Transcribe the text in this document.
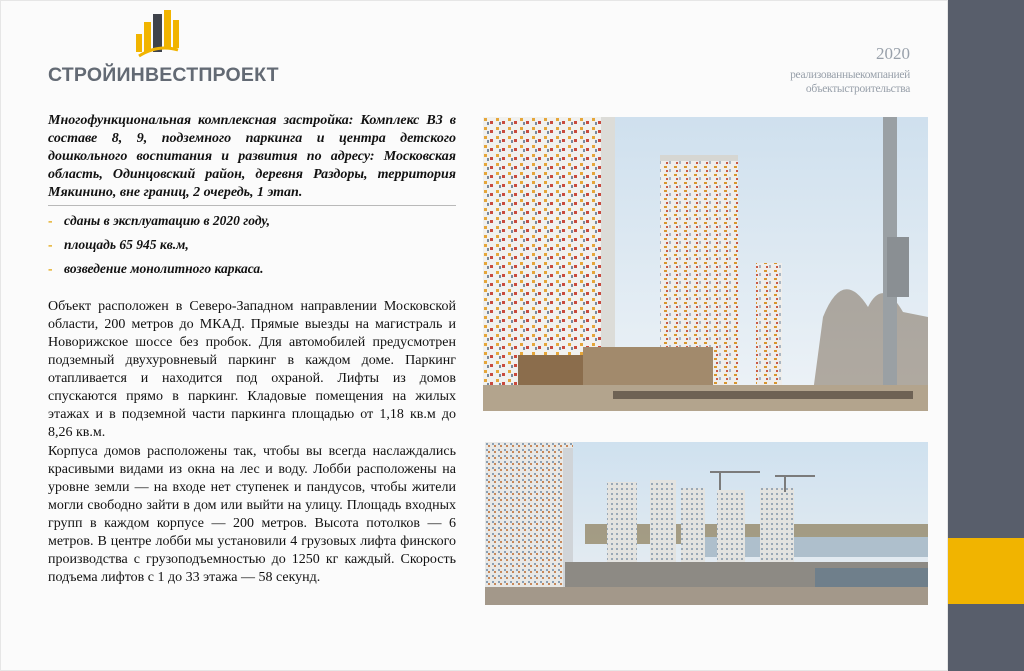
СТРОЙИНВЕСТПРОЕКТ
2020
реализованныекомпанией
объектыстроительства
Многофункциональная комплексная застройка: Комплекс В3 в составе 8, 9, подземного паркинга и центра детского дошкольного воспитания и развития по адресу: Московская область, Одинцовский район, деревня Раздоры, территория Мякинино, вне границ, 2 очередь, 1 этап.
- сданы в эксплуатацию в 2020 году,
- площадь 65 945 кв.м,
- возведение монолитного каркаса.

Объект расположен в Северо-Западном направлении Московской области, 200 метров до МКАД. Прямые выезды на магистраль и Новорижское шоссе без пробок. Для автомобилей предусмотрен подземный двухуровневый паркинг в каждом доме. Паркинг отапливается и находится под охраной. Лифты из домов спускаются прямо в паркинг. Кладовые помещения на жилых этажах и в подземной части паркинга площадью от 1,18 кв.м до 8,26 кв.м.

Корпуса домов расположены так, чтобы вы всегда наслаждались красивыми видами из окна на лес и воду. Лобби расположены на уровне земли — на входе нет ступенек и пандусов, чтобы жители могли свободно зайти в дом или выйти на улицу. Площадь входных групп в каждом корпусе — 200 метров. Высота потолков — 6 метров. В центре лобби мы установили 4 грузовых лифта финского производства с грузоподъемностью до 1250 кг каждый. Скорость подъема лифтов с 1 до 33 этажа — 58 секунд.
